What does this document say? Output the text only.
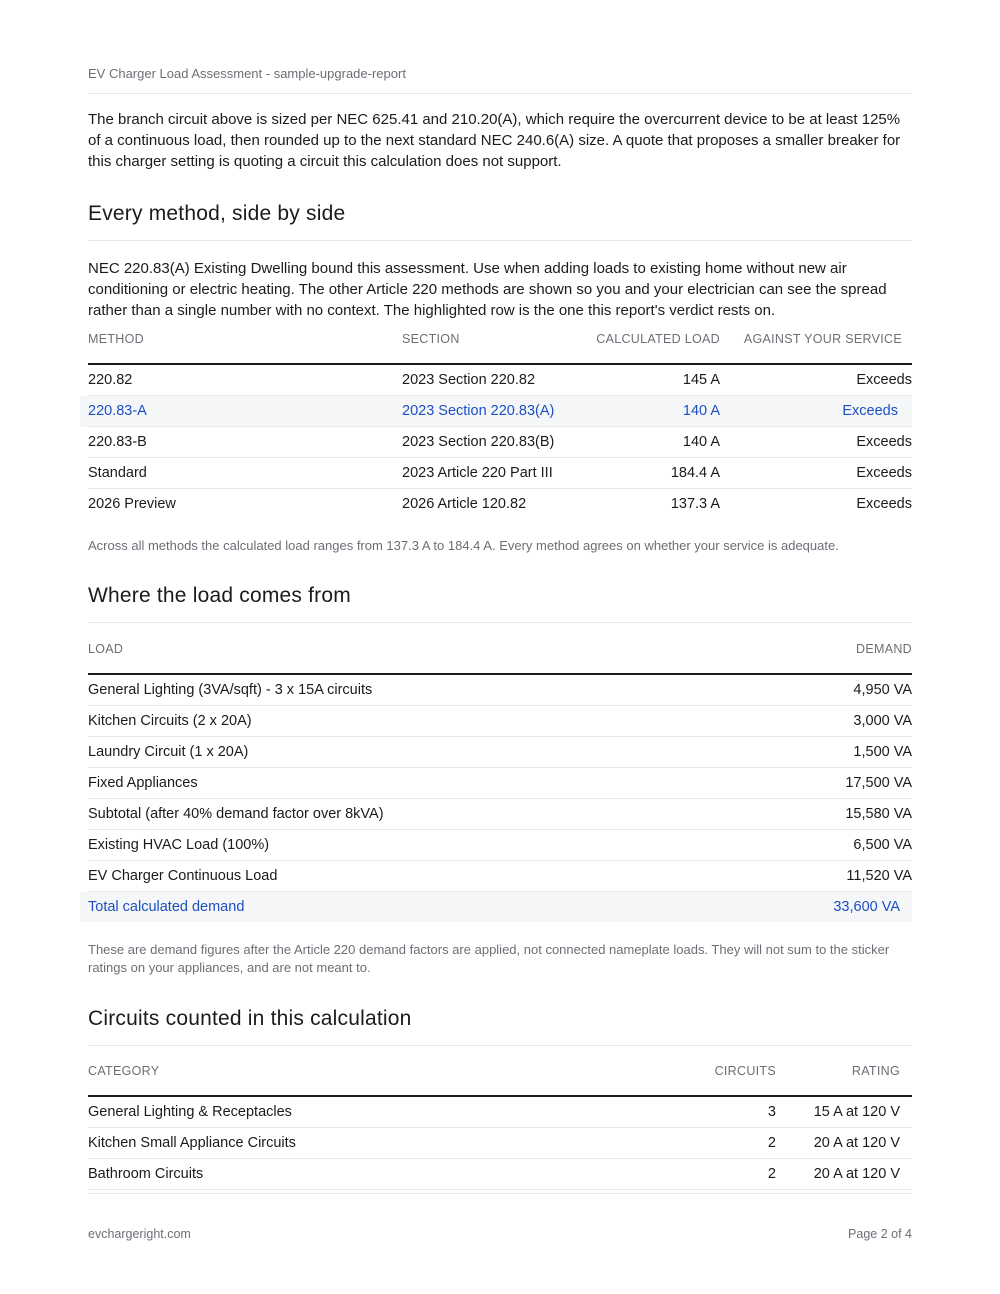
EV Charger Load Assessment - sample-upgrade-report
The branch circuit above is sized per NEC 625.41 and 210.20(A), which require the overcurrent device to be at least 125% of a continuous load, then rounded up to the next standard NEC 240.6(A) size. A quote that proposes a smaller breaker for this charger setting is quoting a circuit this calculation does not support.
Every method, side by side
NEC 220.83(A) Existing Dwelling bound this assessment. Use when adding loads to existing home without new air conditioning or electric heating. The other Article 220 methods are shown so you and your electrician can see the spread rather than a single number with no context. The highlighted row is the one this report's verdict rests on.
METHOD	SECTION	CALCULATED LOAD	AGAINST YOUR SERVICE
220.82	2023 Section 220.82	145 A	Exceeds
220.83-A	2023 Section 220.83(A)	140 A	Exceeds
220.83-B	2023 Section 220.83(B)	140 A	Exceeds
Standard	2023 Article 220 Part III	184.4 A	Exceeds
2026 Preview	2026 Article 120.82	137.3 A	Exceeds
Across all methods the calculated load ranges from 137.3 A to 184.4 A. Every method agrees on whether your service is adequate.
Where the load comes from
LOAD	DEMAND
General Lighting (3VA/sqft) - 3 x 15A circuits	4,950 VA
Kitchen Circuits (2 x 20A)	3,000 VA
Laundry Circuit (1 x 20A)	1,500 VA
Fixed Appliances	17,500 VA
Subtotal (after 40% demand factor over 8kVA)	15,580 VA
Existing HVAC Load (100%)	6,500 VA
EV Charger Continuous Load	11,520 VA
Total calculated demand	33,600 VA
These are demand figures after the Article 220 demand factors are applied, not connected nameplate loads. They will not sum to the sticker ratings on your appliances, and are not meant to.
Circuits counted in this calculation
CATEGORY	CIRCUITS	RATING
General Lighting & Receptacles	3	15 A at 120 V
Kitchen Small Appliance Circuits	2	20 A at 120 V
Bathroom Circuits	2	20 A at 120 V
evchargeright.com	Page 2 of 4
